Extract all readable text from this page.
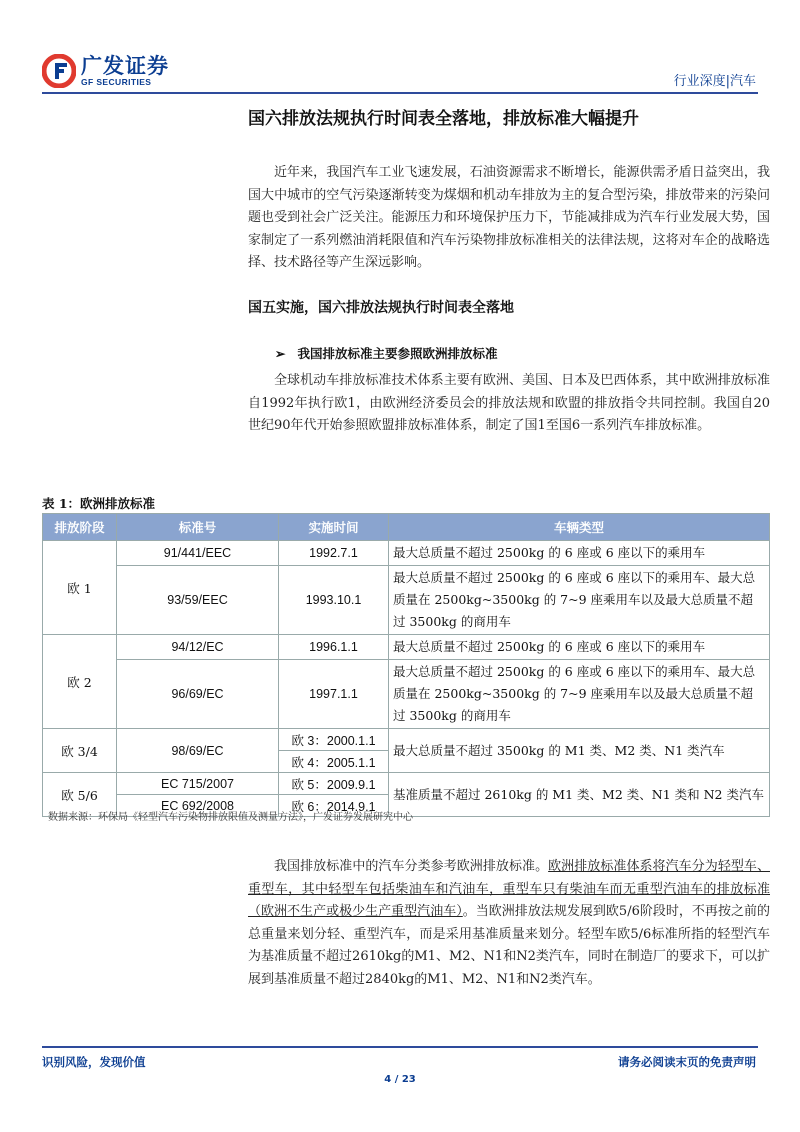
广发证券
GF SECURITIES	行业深度|汽车
国六排放法规执行时间表全落地，排放标准大幅提升
近年来，我国汽车工业飞速发展，石油资源需求不断增长，能源供需矛盾日益突出，我国大中城市的空气污染逐渐转变为煤烟和机动车排放为主的复合型污染，排放带来的污染问题也受到社会广泛关注。能源压力和环境保护压力下，节能减排成为汽车行业发展大势，国家制定了一系列燃油消耗限值和汽车污染物排放标准相关的法律法规，这将对车企的战略选择、技术路径等产生深远影响。
国五实施，国六排放法规执行时间表全落地
➢ 我国排放标准主要参照欧洲排放标准
全球机动车排放标准技术体系主要有欧洲、美国、日本及巴西体系，其中欧洲排放标准自1992年执行欧1，由欧洲经济委员会的排放法规和欧盟的排放指令共同控制。我国自20世纪90年代开始参照欧盟排放标准体系，制定了国1至国6一系列汽车排放标准。
表 1：欧洲排放标准
排放阶段	标准号	实施时间	车辆类型
欧 1	91/441/EEC	1992.7.1	最大总质量不超过 2500kg 的 6 座或 6 座以下的乘用车
	93/59/EEC	1993.10.1	最大总质量不超过 2500kg 的 6 座或 6 座以下的乘用车、最大总质量在 2500kg~3500kg 的 7~9 座乘用车以及最大总质量不超过 3500kg 的商用车
欧 2	94/12/EC	1996.1.1	最大总质量不超过 2500kg 的 6 座或 6 座以下的乘用车
	96/69/EC	1997.1.1	最大总质量不超过 2500kg 的 6 座或 6 座以下的乘用车、最大总质量在 2500kg~3500kg 的 7~9 座乘用车以及最大总质量不超过 3500kg 的商用车
欧 3/4	98/69/EC	欧 3：2000.1.1	最大总质量不超过 3500kg 的 M1 类、M2 类、N1 类汽车
		欧 4：2005.1.1	
欧 5/6	EC 715/2007	欧 5：2009.9.1	基准质量不超过 2610kg 的 M1 类、M2 类、N1 类和 N2 类汽车
	EC 692/2008	欧 6：2014.9.1	
数据来源：环保局《轻型汽车污染物排放限值及测量方法》，广发证券发展研究中心
我国排放标准中的汽车分类参考欧洲排放标准。欧洲排放标准体系将汽车分为轻型车、重型车，其中轻型车包括柴油车和汽油车，重型车只有柴油车而无重型汽油车的排放标准（欧洲不生产或极少生产重型汽油车）。当欧洲排放法规发展到欧5/6阶段时，不再按之前的总重量来划分轻、重型汽车，而是采用基准质量来划分。轻型车欧5/6标准所指的轻型汽车为基准质量不超过2610kg的M1、M2、N1和N2类汽车，同时在制造厂的要求下，可以扩展到基准质量不超过2840kg的M1、M2、N1和N2类汽车。
识别风险，发现价值	请务必阅读末页的免责声明
4 / 23
